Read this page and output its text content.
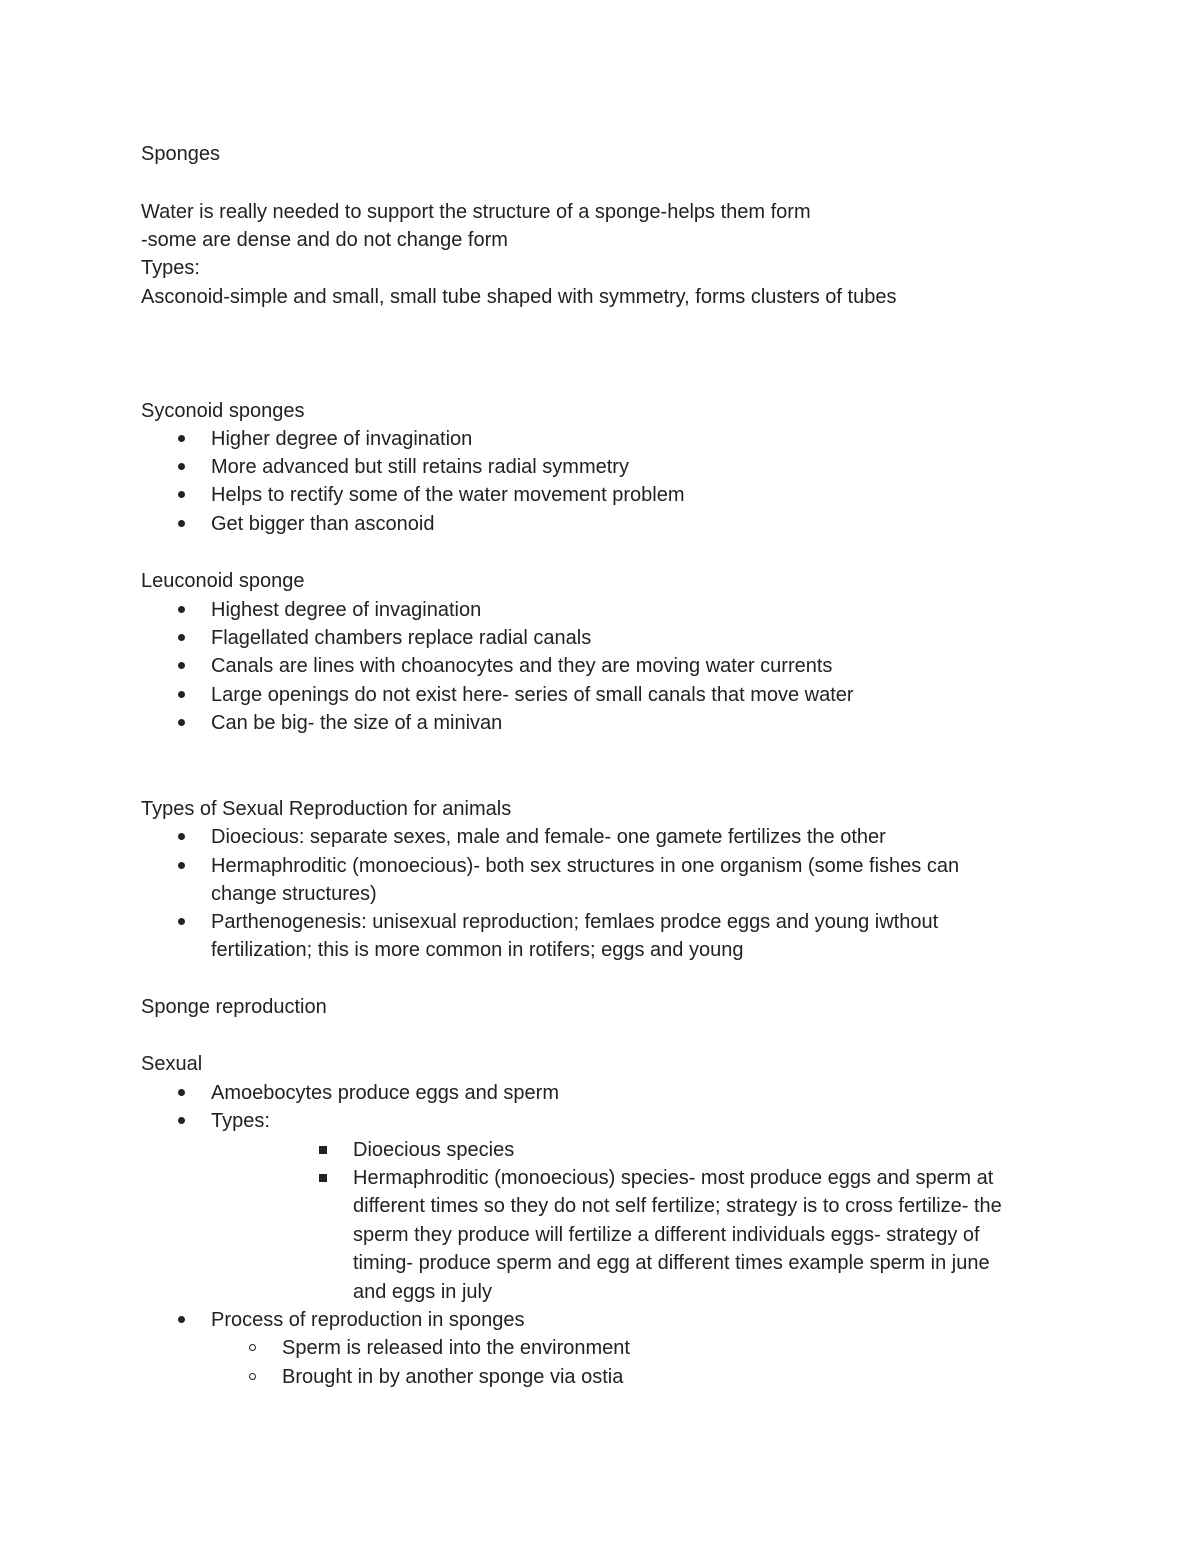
Sponges
Water is really needed to support the structure of a sponge-helps them form
-some are dense and do not change form
Types:
Asconoid-simple and small, small tube shaped with symmetry, forms clusters of tubes
Syconoid sponges
Higher degree of invagination
More advanced but still retains radial symmetry
Helps to rectify some of the water movement problem
Get bigger than asconoid
Leuconoid sponge
Highest degree of invagination
Flagellated chambers replace radial canals
Canals are lines with choanocytes and they are moving water currents
Large openings do not exist here- series of small canals that move water
Can be big- the size of a minivan
Types of Sexual Reproduction for animals
Dioecious: separate sexes, male and female- one gamete fertilizes the other
Hermaphroditic (monoecious)- both sex structures in one organism (some fishes can
change structures)
Parthenogenesis: unisexual reproduction; femlaes prodce eggs and young iwthout
fertilization; this is more common in rotifers; eggs and young
Sponge reproduction
Sexual
Amoebocytes produce eggs and sperm
Types:
Dioecious species
Hermaphroditic (monoecious) species- most produce eggs and sperm at
different times so they do not self fertilize; strategy is to cross fertilize- the
sperm they produce will fertilize a different individuals eggs- strategy of
timing- produce sperm and egg at different times example sperm in june
and eggs in july
Process of reproduction in sponges
Sperm is released into the environment
Brought in by another sponge via ostia
